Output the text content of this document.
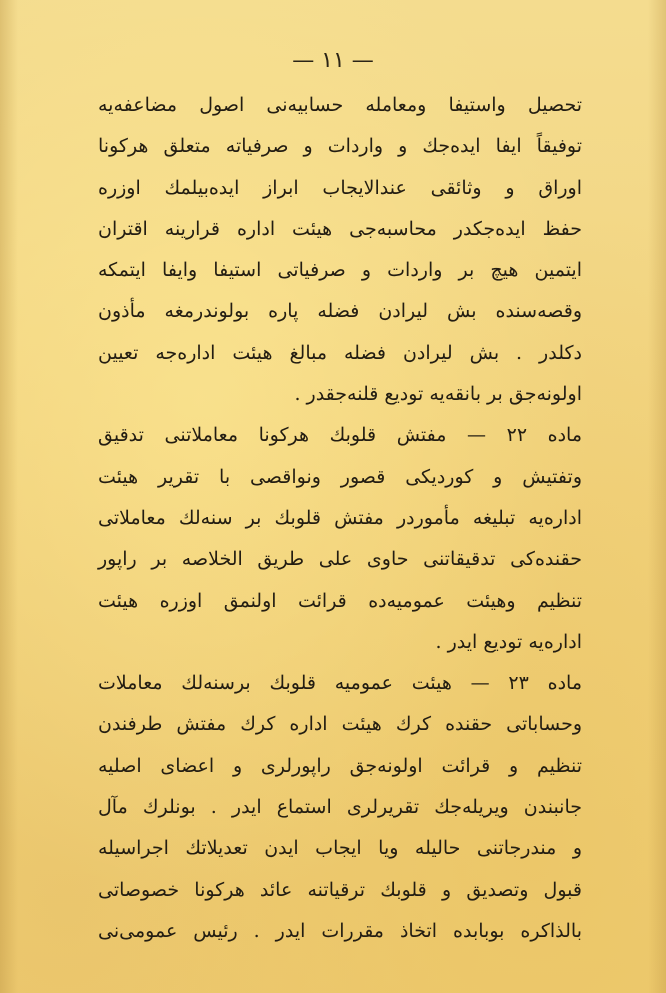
— ۱۱ —
تحصیل واستیفا ومعامله حسابیه‌نی اصول مضاعفه‌یه
توفیقاً ایفا ایده‌جك و واردات و صرفیاته متعلق هركونا
اوراق و وثائقی عندالایجاب ابراز ایده‌بیلمك اوزره
حفظ ایده‌جكدر محاسبه‌جی هیئت اداره قرارینه اقتران
ایتمین هیچ بر واردات و صرفیاتی استیفا وایفا ایتمكه
وقصه‌سنده بش لیرادن فضله پاره بولوندرمغه مأذون
دكلدر . بش لیرادن فضله مبالغ هیئت اداره‌جه تعیین
اولونه‌جق بر بانقه‌یه تودیع قلنه‌جقدر .
ماده ۲۲ — مفتش قلوبك هركونا معاملاتنی تدقیق
وتفتیش و كوردیكی قصور ونواقصی با تقریر هیئت
اداره‌یه تبلیغه مأموردر مفتش قلوبك بر سنه‌لك معاملاتی
حقنده‌كی تدقیقاتنی حاوی علی طریق الخلاصه بر راپور
تنظیم وهیئت عمومیه‌ده قرائت اولنمق اوزره هیئت
اداره‌یه تودیع ایدر .
ماده ۲۳ — هیئت عمومیه قلوبك برسنه‌لك معاملات
وحساباتی حقنده كرك هیئت اداره كرك مفتش طرفندن
تنظیم و قرائت اولونه‌جق راپورلری و اعضای اصلیه
جانبندن ویریله‌جك تقریرلری استماع ایدر . بونلرك مآل
و مندرجاتنی حالیله ویا ایجاب ایدن تعدیلاتك اجراسیله
قبول وتصدیق و قلوبك ترقیاتنه عائد هركونا خصوصاتی
بالذاكره بوبابده اتخاذ مقررات ایدر . رئیس عمومی‌نی
